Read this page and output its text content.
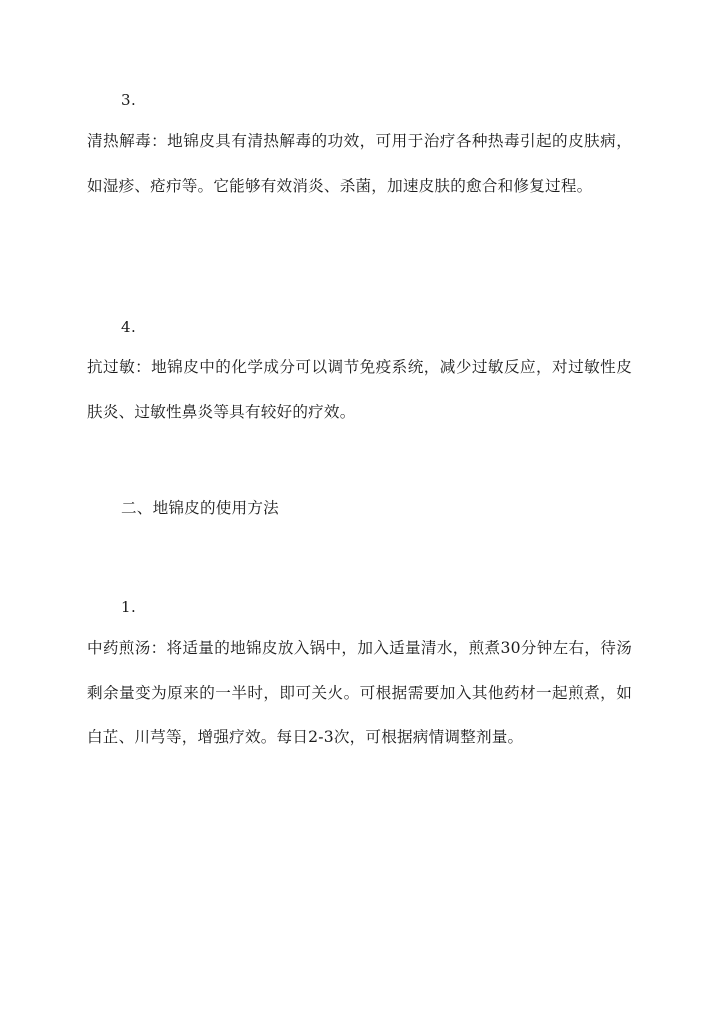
3.

清热解毒：地锦皮具有清热解毒的功效，可用于治疗各种热毒引起的皮肤病，如湿疹、疮疖等。它能够有效消炎、杀菌，加速皮肤的愈合和修复过程。

4.

抗过敏：地锦皮中的化学成分可以调节免疫系统，减少过敏反应，对过敏性皮肤炎、过敏性鼻炎等具有较好的疗效。

二、地锦皮的使用方法
1.

中药煎汤：将适量的地锦皮放入锅中，加入适量清水，煎煮30分钟左右，待汤剩余量变为原来的一半时，即可关火。可根据需要加入其他药材一起煎煮，如白芷、川芎等，增强疗效。每日2-3次，可根据病情调整剂量。
